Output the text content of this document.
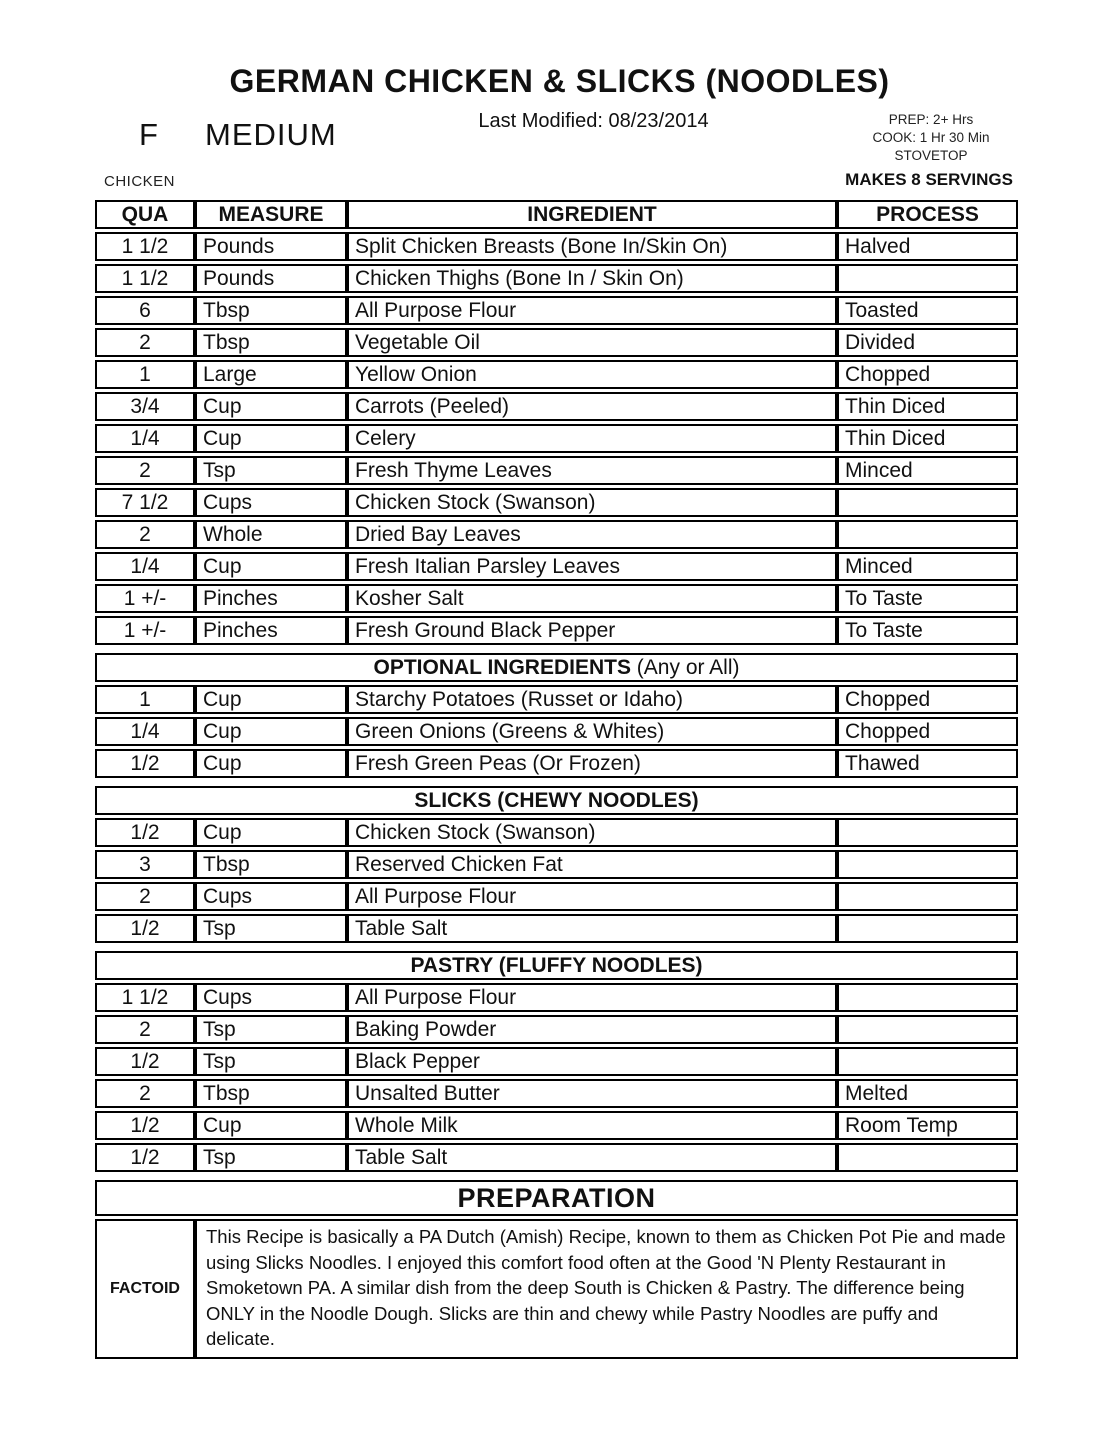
GERMAN CHICKEN & SLICKS (NOODLES)
Last Modified: 08/23/2014
F MEDIUM	PREP: 2+ Hrs
COOK: 1 Hr 30 Min
STOVETOP
CHICKEN	MAKES 8 SERVINGS
QUA	MEASURE	INGREDIENT	PROCESS
1 1/2	Pounds	Split Chicken Breasts (Bone In/Skin On)	Halved
1 1/2	Pounds	Chicken Thighs (Bone In / Skin On)	
6	Tbsp	All Purpose Flour	Toasted
2	Tbsp	Vegetable Oil	Divided
1	Large	Yellow Onion	Chopped
3/4	Cup	Carrots (Peeled)	Thin Diced
1/4	Cup	Celery	Thin Diced
2	Tsp	Fresh Thyme Leaves	Minced
7 1/2	Cups	Chicken Stock (Swanson)	
2	Whole	Dried Bay Leaves	
1/4	Cup	Fresh Italian Parsley Leaves	Minced
1 +/-	Pinches	Kosher Salt	To Taste
1 +/-	Pinches	Fresh Ground Black Pepper	To Taste
OPTIONAL INGREDIENTS (Any or All)			
1	Cup	Starchy Potatoes (Russet or Idaho)	Chopped
1/4	Cup	Green Onions (Greens & Whites)	Chopped
1/2	Cup	Fresh Green Peas (Or Frozen)	Thawed
SLICKS (CHEWY NOODLES)			
1/2	Cup	Chicken Stock (Swanson)	
3	Tbsp	Reserved Chicken Fat	
2	Cups	All Purpose Flour	
1/2	Tsp	Table Salt	
PASTRY (FLUFFY NOODLES)			
1 1/2	Cups	All Purpose Flour	
2	Tsp	Baking Powder	
1/2	Tsp	Black Pepper	
2	Tbsp	Unsalted Butter	Melted
1/2	Cup	Whole Milk	Room Temp
1/2	Tsp	Table Salt	
PREPARATION
FACTOID	This Recipe is basically a PA Dutch (Amish) Recipe, known to them as Chicken Pot Pie and made using Slicks Noodles. I enjoyed this comfort food often at the Good 'N Plenty Restaurant in Smoketown PA. A similar dish from the deep South is Chicken & Pastry. The difference being ONLY in the Noodle Dough. Slicks are thin and chewy while Pastry Noodles are puffy and delicate.
